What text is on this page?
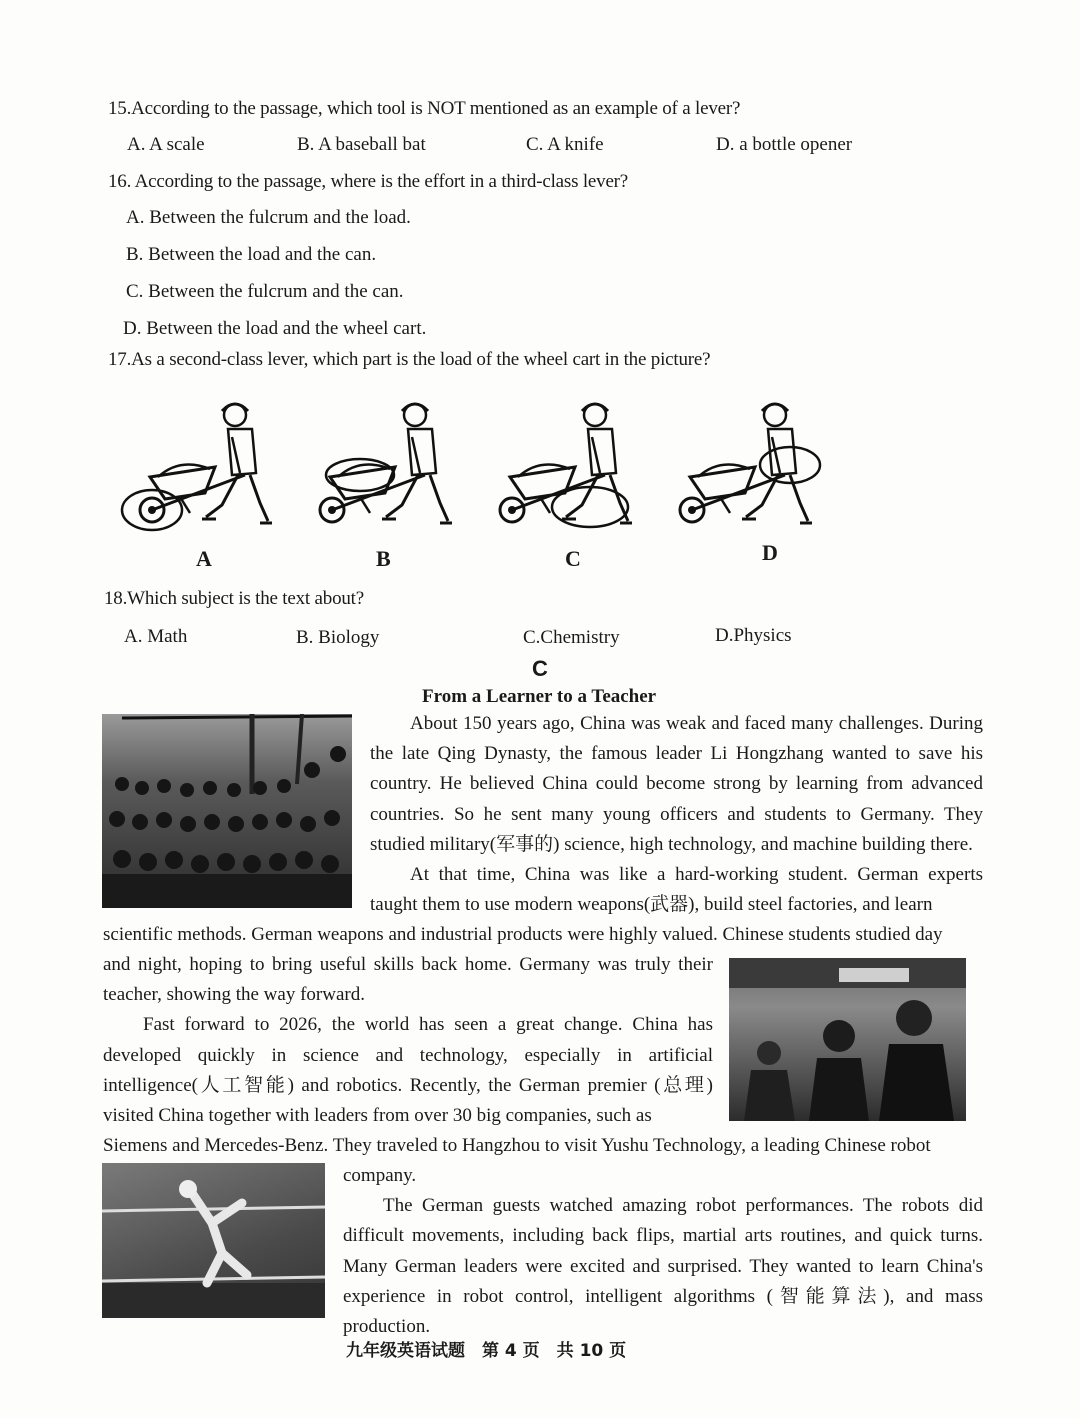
15.According to the passage, which tool is NOT mentioned as an example of a lever?
A. A scale	B. A baseball bat	C. A knife	D. a bottle opener
16. According to the passage, where is the effort in a third-class lever?
A. Between the fulcrum and the load.
B. Between the load and the can.
C. Between the fulcrum and the can.
D. Between the load and the wheel cart.
17.As a second-class lever, which part is the load of the wheel cart in the picture?
A	B	C	D
18.Which subject is the text about?
A. Math	B. Biology	C.Chemistry	D.Physics
C
From a Learner to a Teacher

About 150 years ago, China was weak and faced many challenges. During the late Qing Dynasty, the famous leader Li Hongzhang wanted to save his country. He believed China could become strong by learning from advanced countries. So he sent many young officers and students to Germany. They studied military(军事的) science, high technology, and machine building there.

At that time, China was like a hard-working student. German experts taught them to use modern weapons(武器), build steel factories, and learn

scientific methods. German weapons and industrial products were highly valued. Chinese students studied day

and night, hoping to bring useful skills back home. Germany was truly their teacher, showing the way forward.

Fast forward to 2026, the world has seen a great change. China has developed quickly in science and technology, especially in artificial intelligence(人工智能) and robotics. Recently, the German premier (总理) visited China together with leaders from over 30 big companies, such as

Siemens and Mercedes-Benz. They traveled to Hangzhou to visit Yushu Technology, a leading Chinese robot

company.

The German guests watched amazing robot performances. The robots did difficult movements, including back flips, martial arts routines, and quick turns. Many German leaders were excited and surprised. They wanted to learn China's experience in robot control, intelligent algorithms (智能算法), and mass production.

九年级英语试题　第 4 页　共 10 页
